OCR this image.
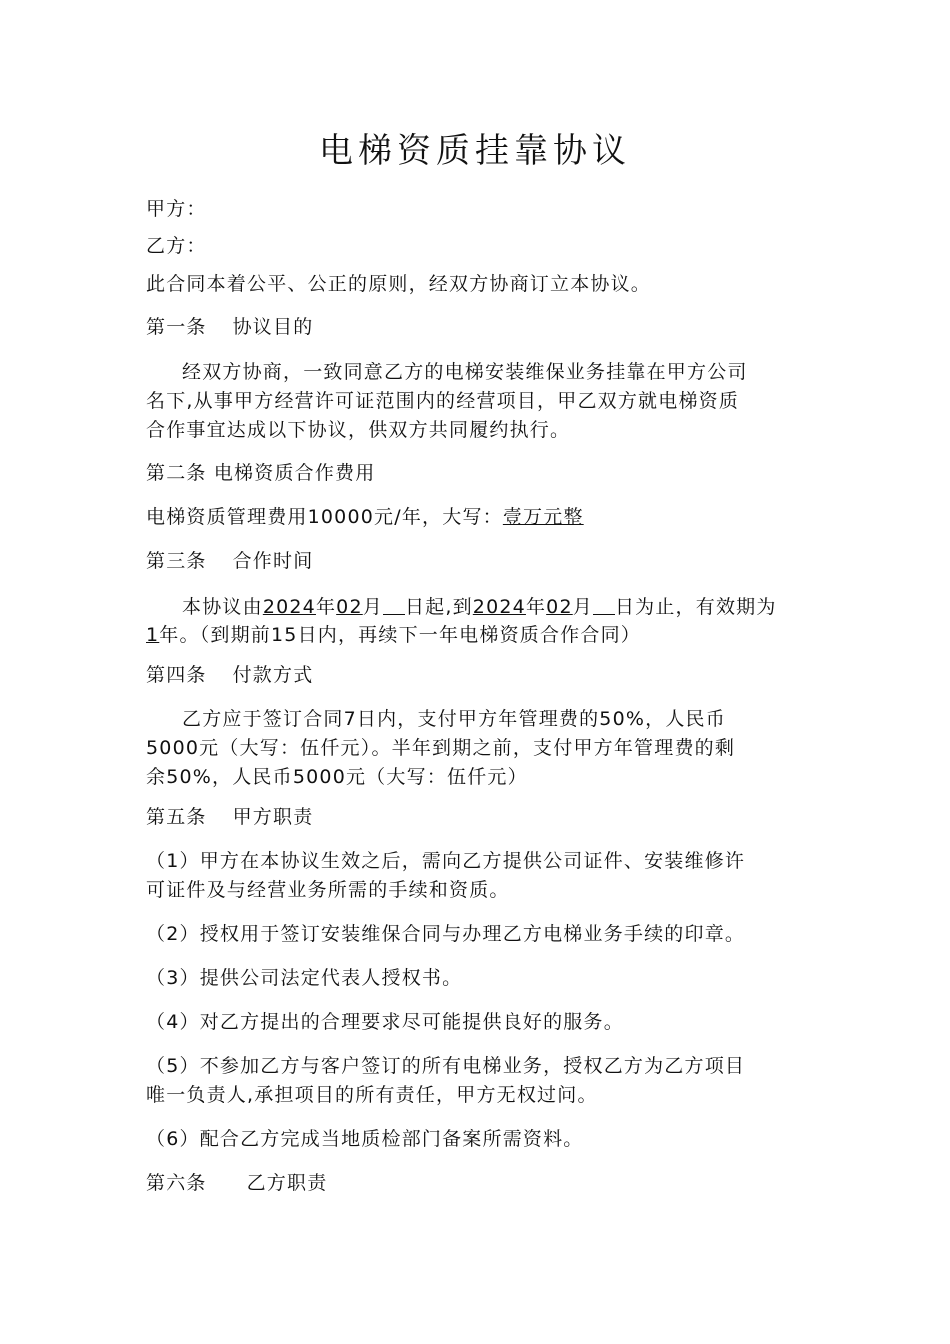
电梯资质挂靠协议
甲方：
乙方：
此合同本着公平、公正的原则，经双方协商订立本协议。
第一条 协议目的
经双方协商，一致同意乙方的电梯安装维保业务挂靠在甲方公司
名下,从事甲方经营许可证范围内的经营项目，甲乙双方就电梯资质
合作事宜达成以下协议，供双方共同履约执行。
第二条 电梯资质合作费用
电梯资质管理费用10000元/年，大写：壹万元整
第三条 合作时间
本协议由2024年02月 日起,到2024年02月 日为止，有效期为
1年。（到期前15日内，再续下一年电梯资质合作合同）
第四条 付款方式
乙方应于签订合同7日内，支付甲方年管理费的50%，人民币
5000元（大写：伍仟元）。半年到期之前，支付甲方年管理费的剩
余50%，人民币5000元（大写：伍仟元）
第五条 甲方职责
（1）甲方在本协议生效之后，需向乙方提供公司证件、安装维修许
可证件及与经营业务所需的手续和资质。
（2）授权用于签订安装维保合同与办理乙方电梯业务手续的印章。
（3）提供公司法定代表人授权书。
（4）对乙方提出的合理要求尽可能提供良好的服务。
（5）不参加乙方与客户签订的所有电梯业务，授权乙方为乙方项目
唯一负责人,承担项目的所有责任，甲方无权过问。
（6）配合乙方完成当地质检部门备案所需资料。
第六条 乙方职责
